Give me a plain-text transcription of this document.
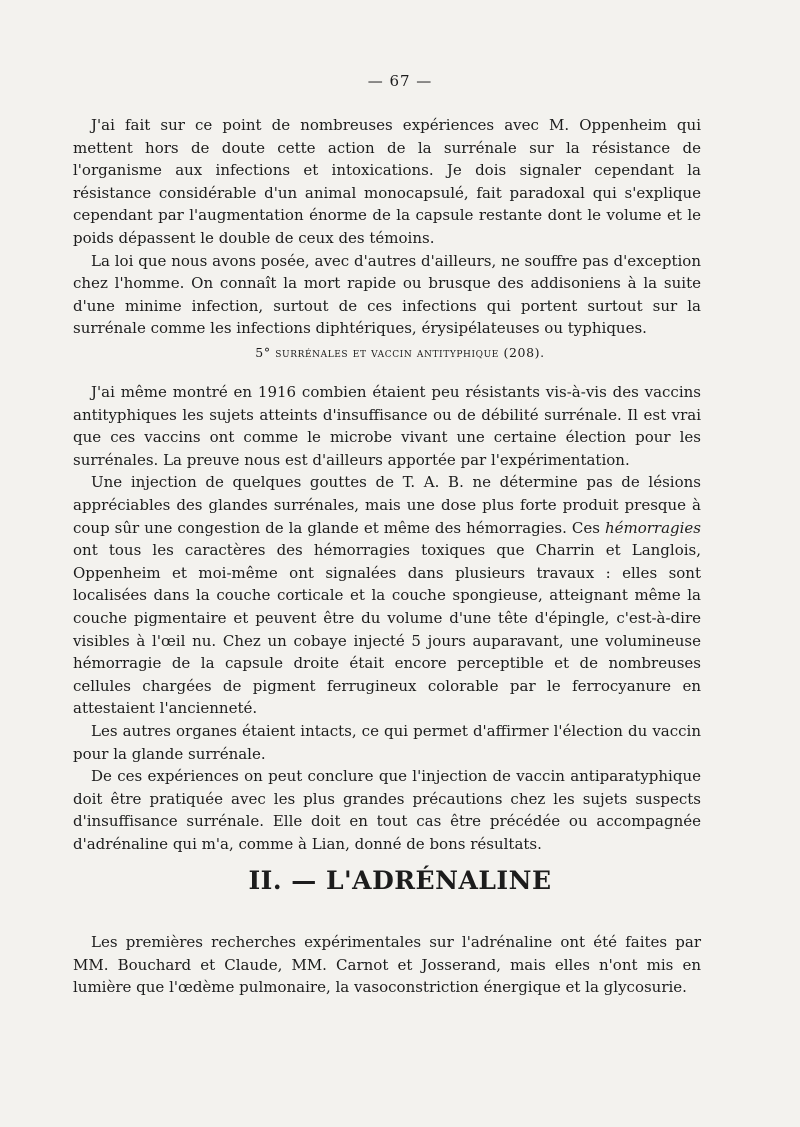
— 67 —

J'ai fait sur ce point de nombreuses expériences avec M. Oppenheim qui mettent hors de doute cette action de la surrénale sur la résistance de l'organisme aux infections et intoxications. Je dois signaler cependant la résistance considérable d'un animal monocapsulé, fait paradoxal qui s'explique cependant par l'augmentation énorme de la capsule restante dont le volume et le poids dépassent le double de ceux des témoins.

La loi que nous avons posée, avec d'autres d'ailleurs, ne souffre pas d'exception chez l'homme. On connaît la mort rapide ou brusque des addisoniens à la suite d'une minime infection, surtout de ces infections qui portent surtout sur la surrénale comme les infections diphtériques, érysipélateuses ou typhiques.

5° surrénales et vaccin antityphique (208).

J'ai même montré en 1916 combien étaient peu résistants vis-à-vis des vaccins antityphiques les sujets atteints d'insuffisance ou de débilité surrénale. Il est vrai que ces vaccins ont comme le microbe vivant une certaine élection pour les surrénales. La preuve nous est d'ailleurs apportée par l'expérimentation.

Une injection de quelques gouttes de T. A. B. ne détermine pas de lésions appréciables des glandes surrénales, mais une dose plus forte produit presque à coup sûr une congestion de la glande et même des hémorragies. Ces hémorragies ont tous les caractères des hémorragies toxiques que Charrin et Langlois, Oppenheim et moi-même ont signalées dans plusieurs travaux : elles sont localisées dans la couche corticale et la couche spongieuse, atteignant même la couche pigmentaire et peuvent être du volume d'une tête d'épingle, c'est-à-dire visibles à l'œil nu. Chez un cobaye injecté 5 jours auparavant, une volumineuse hémorragie de la capsule droite était encore perceptible et de nombreuses cellules chargées de pigment ferrugineux colorable par le ferrocyanure en attestaient l'ancienneté.

Les autres organes étaient intacts, ce qui permet d'affirmer l'élection du vaccin pour la glande surrénale.

De ces expériences on peut conclure que l'injection de vaccin antiparatyphique doit être pratiquée avec les plus grandes précautions chez les sujets suspects d'insuffisance surrénale. Elle doit en tout cas être précédée ou accompagnée d'adrénaline qui m'a, comme à Lian, donné de bons résultats.

II. — L'ADRÉNALINE

Les premières recherches expérimentales sur l'adrénaline ont été faites par MM. Bouchard et Claude, MM. Carnot et Josserand, mais elles n'ont mis en lumière que l'œdème pulmonaire, la vasoconstriction énergique et la glycosurie.
